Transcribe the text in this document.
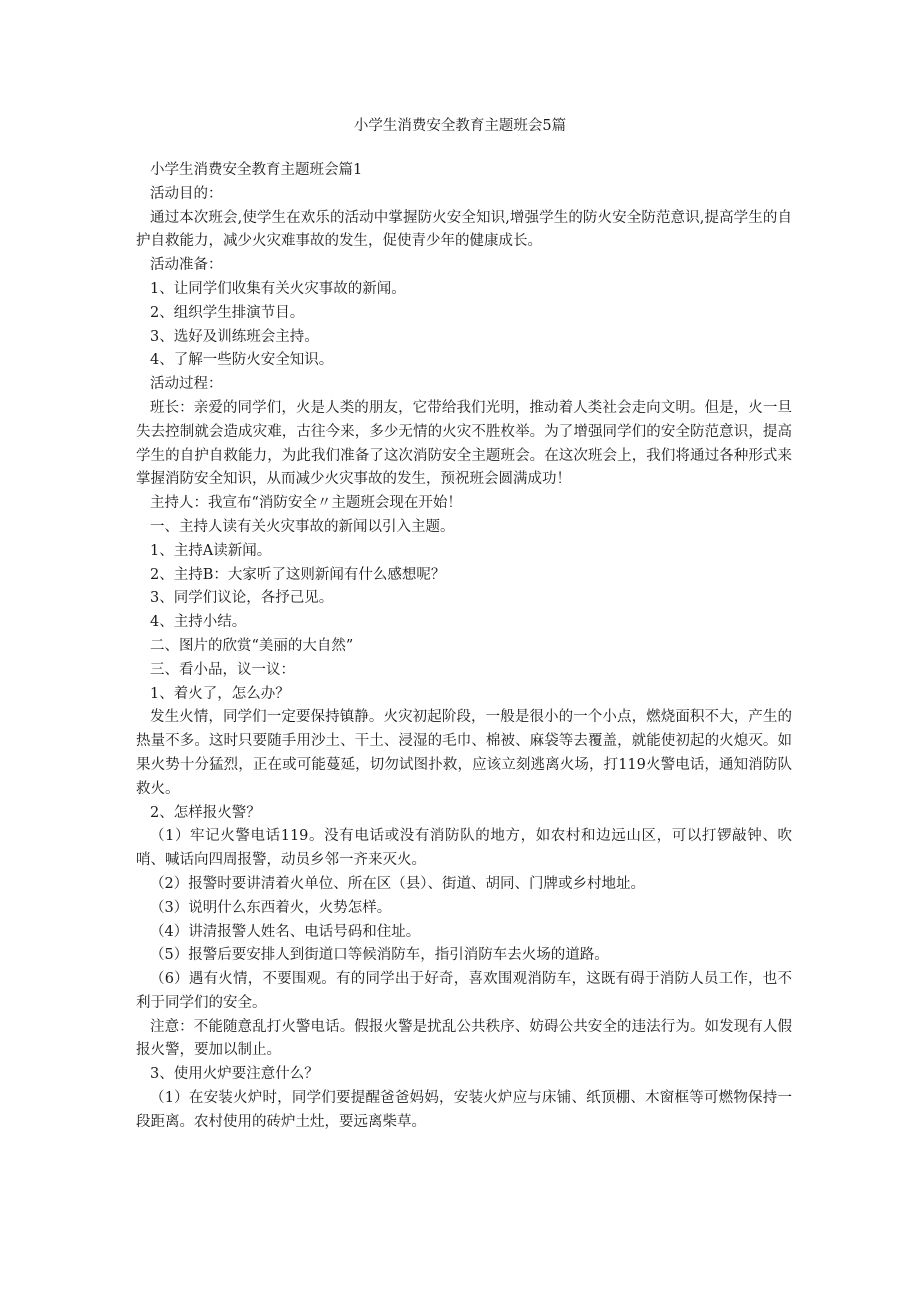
小学生消费安全教育主题班会5篇

小学生消费安全教育主题班会篇1

活动目的：

通过本次班会,使学生在欢乐的活动中掌握防火安全知识,增强学生的防火安全防范意识,提高学生的自护自救能力，减少火灾难事故的发生，促使青少年的健康成长。

活动准备：

1、让同学们收集有关火灾事故的新闻。

2、组织学生排演节目。

3、选好及训练班会主持。

4、了解一些防火安全知识。

活动过程：

班长：亲爱的同学们，火是人类的朋友，它带给我们光明，推动着人类社会走向文明。但是，火一旦失去控制就会造成灾难，古往今来，多少无情的火灾不胜枚举。为了增强同学们的安全防范意识，提高学生的自护自救能力，为此我们准备了这次消防安全主题班会。在这次班会上，我们将通过各种形式来掌握消防安全知识，从而减少火灾事故的发生，预祝班会圆满成功！

主持人：我宣布“消防安全〃主题班会现在开始！

一、主持人读有关火灾事故的新闻以引入主题。

1、主持A读新闻。

2、主持B：大家听了这则新闻有什么感想呢？

3、同学们议论，各抒己见。

4、主持小结。

二、图片的欣赏“美丽的大自然”

三、看小品，议一议：

1、着火了，怎么办？

发生火情，同学们一定要保持镇静。火灾初起阶段，一般是很小的一个小点，燃烧面积不大，产生的热量不多。这时只要随手用沙土、干土、浸湿的毛巾、棉被、麻袋等去覆盖，就能使初起的火熄灭。如果火势十分猛烈，正在或可能蔓延，切勿试图扑救，应该立刻逃离火场，打119火警电话，通知消防队救火。

2、怎样报火警？

（1）牢记火警电话119。没有电话或没有消防队的地方，如农村和边远山区，可以打锣敲钟、吹哨、喊话向四周报警，动员乡邻一齐来灭火。

（2）报警时要讲清着火单位、所在区（县）、街道、胡同、门牌或乡村地址。

（3）说明什么东西着火，火势怎样。

（4）讲清报警人姓名、电话号码和住址。

（5）报警后要安排人到街道口等候消防车，指引消防车去火场的道路。

（6）遇有火情，不要围观。有的同学出于好奇，喜欢围观消防车，这既有碍于消防人员工作，也不利于同学们的安全。

注意：不能随意乱打火警电话。假报火警是扰乱公共秩序、妨碍公共安全的违法行为。如发现有人假报火警，要加以制止。

3、使用火炉要注意什么？

（1）在安装火炉时，同学们要提醒爸爸妈妈，安装火炉应与床铺、纸顶棚、木窗框等可燃物保持一段距离。农村使用的砖炉土灶，要远离柴草。
